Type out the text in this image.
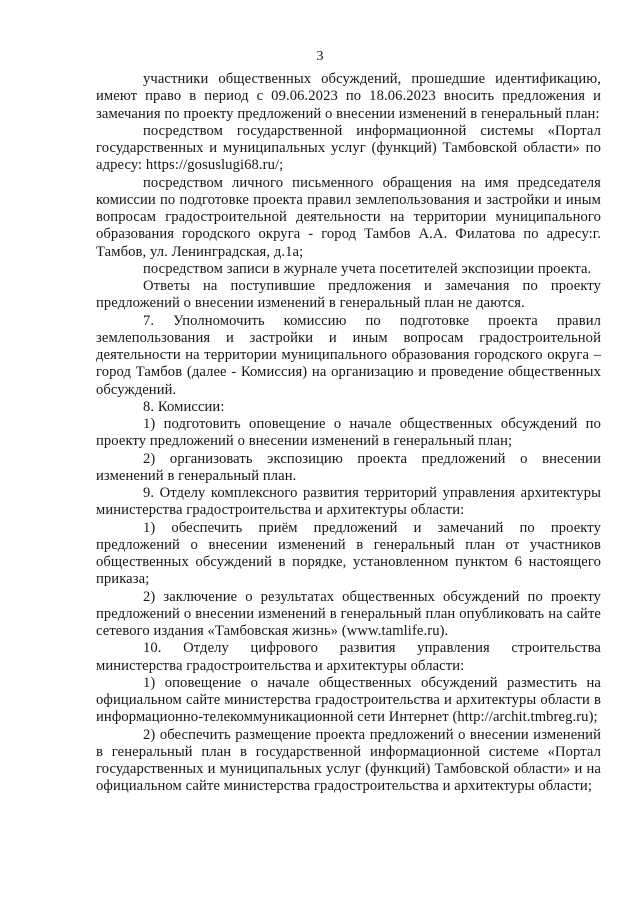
3

участники общественных обсуждений, прошедшие идентификацию, имеют право в период с 09.06.2023 по 18.06.2023 вносить предложения и замечания по проекту предложений о внесении изменений в генеральный план:

посредством государственной информационной системы «Портал государственных и муниципальных услуг (функций) Тамбовской области» по адресу: https://gosuslugi68.ru/;

посредством личного письменного обращения на имя председателя комиссии по подготовке проекта правил землепользования и застройки и иным вопросам градостроительной деятельности на территории муниципального образования городского округа - город Тамбов А.А. Филатова по адресу:г. Тамбов, ул. Ленинградская, д.1а;

посредством записи в журнале учета посетителей экспозиции проекта.

Ответы на поступившие предложения и замечания по проекту предложений о внесении изменений в генеральный план не даются.

7. Уполномочить комиссию по подготовке проекта правил землепользования и застройки и иным вопросам градостроительной деятельности на территории муниципального образования городского округа – город Тамбов (далее - Комиссия) на организацию и проведение общественных обсуждений.

8. Комиссии:

1) подготовить оповещение о начале общественных обсуждений по проекту предложений о внесении изменений в генеральный план;

2) организовать экспозицию проекта предложений о внесении изменений в генеральный план.

9. Отделу комплексного развития территорий управления архитектуры министерства градостроительства и архитектуры области:

1) обеспечить приём предложений и замечаний по проекту предложений о внесении изменений в генеральный план от участников общественных обсуждений в порядке, установленном пунктом 6 настоящего приказа;

2) заключение о результатах общественных обсуждений по проекту предложений о внесении изменений в генеральный план опубликовать на сайте сетевого издания «Тамбовская жизнь» (www.tamlife.ru).

10. Отделу цифрового развития управления строительства министерства градостроительства и архитектуры области:

1) оповещение о начале общественных обсуждений разместить на официальном сайте министерства градостроительства и архитектуры области в информационно-телекоммуникационной сети Интернет (http://archit.tmbreg.ru);

2) обеспечить размещение проекта предложений о внесении изменений в генеральный план в государственной информационной системе «Портал государственных и муниципальных услуг (функций) Тамбовской области» и на официальном сайте министерства градостроительства и архитектуры области;
